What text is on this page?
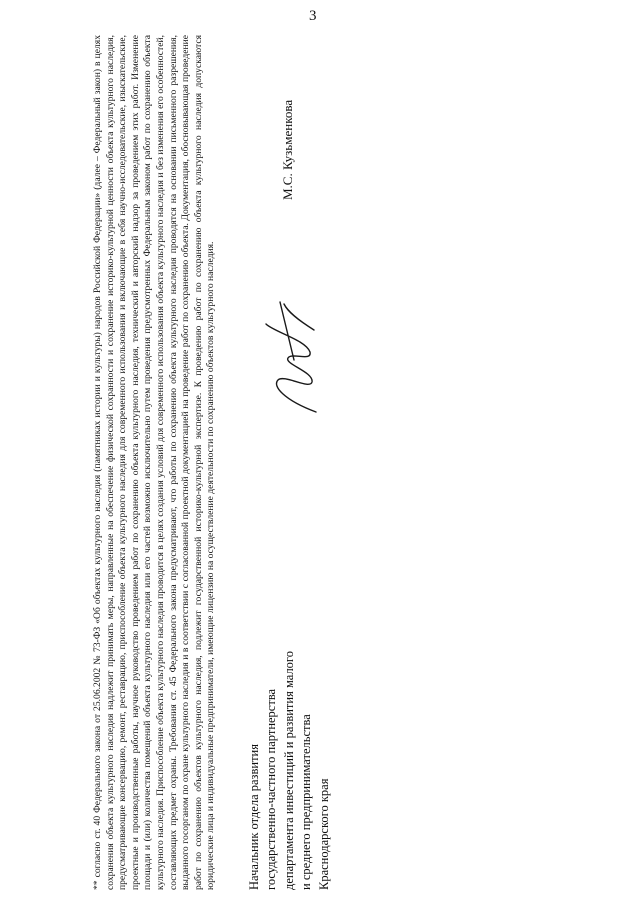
3

** согласно ст. 40 Федерального закона от 25.06.2002 № 73-ФЗ «Об объектах культурного наследия (памятниках истории и культуры) народов Российской Федерации» (далее – Федеральный закон) в целях сохранения объекта культурного наследия надлежит принимать меры, направленные на обеспечение физической сохранности и сохранение историко-культурной ценности объекта культурного наследия, предусматривающие консервацию, ремонт, реставрацию, приспособление объекта культурного наследия для современного использования и включающие в себя научно-исследовательские, изыскательские, проектные и производственные работы, научное руководство проведением работ по сохранению объекта культурного наследия, технический и авторский надзор за проведением этих работ. Изменение площади и (или) количества помещений объекта культурного наследия или его частей возможно исключительно путем проведения предусмотренных Федеральным законом работ по сохранению объекта культурного наследия. Приспособление объекта культурного наследия проводится в целях создания условий для современного использования объекта культурного наследия и без изменения его особенностей, составляющих предмет охраны. Требования ст. 45 Федерального закона предусматривают, что работы по сохранению объекта культурного наследия проводятся на основании письменного разрешения, выданного госорганом по охране культурного наследия и в соответствии с согласованной проектной документацией на проведение работ по сохранению объекта. Документация, обосновывающая проведение работ по сохранению объектов культурного наследия, подлежит государственной историко-культурной экспертизе. К проведению работ по сохранению объекта культурного наследия допускаются юридические лица и индивидуальные предприниматели, имеющие лицензию на осуществление деятельности по сохранению объектов культурного наследия. Начальник отдела развития государственно-частного партнерства департамента инвестиций и развития малого и среднего предпринимательства Краснодарского края
М.С. Кузьменкова
